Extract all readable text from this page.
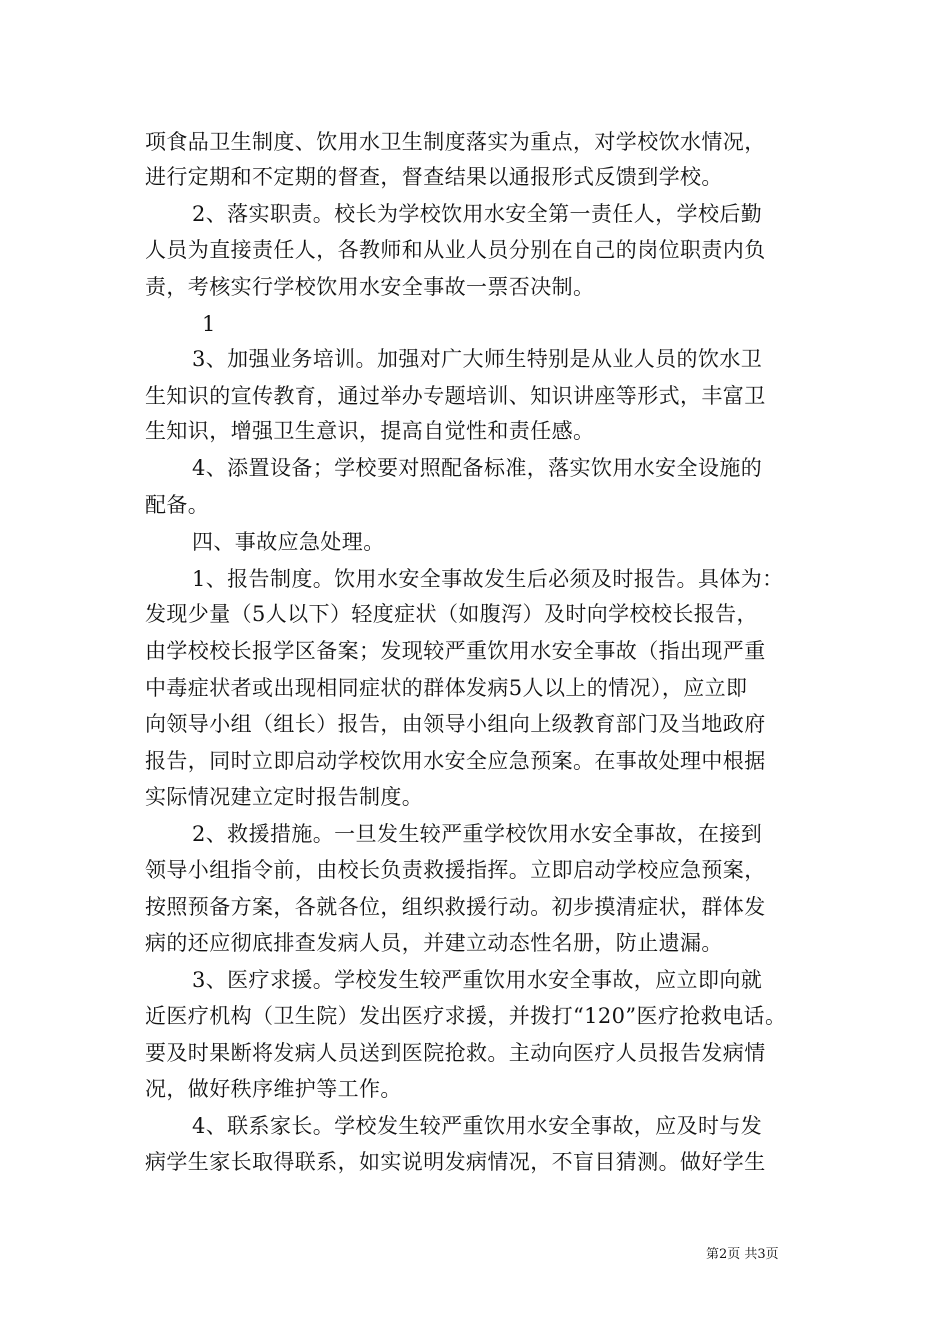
项食品卫生制度、饮用水卫生制度落实为重点，对学校饮水情况，
进行定期和不定期的督查，督查结果以通报形式反馈到学校。
2、落实职责。校长为学校饮用水安全第一责任人，学校后勤
人员为直接责任人，各教师和从业人员分别在自己的岗位职责内负
责，考核实行学校饮用水安全事故一票否决制。
1
3、加强业务培训。加强对广大师生特别是从业人员的饮水卫
生知识的宣传教育，通过举办专题培训、知识讲座等形式，丰富卫
生知识，增强卫生意识，提高自觉性和责任感。
4、添置设备；学校要对照配备标准，落实饮用水安全设施的
配备。
四、事故应急处理。
1、报告制度。饮用水安全事故发生后必须及时报告。具体为：
发现少量（5人以下）轻度症状（如腹泻）及时向学校校长报告，
由学校校长报学区备案；发现较严重饮用水安全事故（指出现严重
中毒症状者或出现相同症状的群体发病5人以上的情况），应立即
向领导小组（组长）报告，由领导小组向上级教育部门及当地政府
报告，同时立即启动学校饮用水安全应急预案。在事故处理中根据
实际情况建立定时报告制度。
2、救援措施。一旦发生较严重学校饮用水安全事故，在接到
领导小组指令前，由校长负责救援指挥。立即启动学校应急预案，
按照预备方案，各就各位，组织救援行动。初步摸清症状，群体发
病的还应彻底排查发病人员，并建立动态性名册，防止遗漏。
3、医疗求援。学校发生较严重饮用水安全事故，应立即向就
近医疗机构（卫生院）发出医疗求援，并拨打“120”医疗抢救电话。
要及时果断将发病人员送到医院抢救。主动向医疗人员报告发病情
况，做好秩序维护等工作。
4、联系家长。学校发生较严重饮用水安全事故，应及时与发
病学生家长取得联系，如实说明发病情况，不盲目猜测。做好学生
第2页 共3页
